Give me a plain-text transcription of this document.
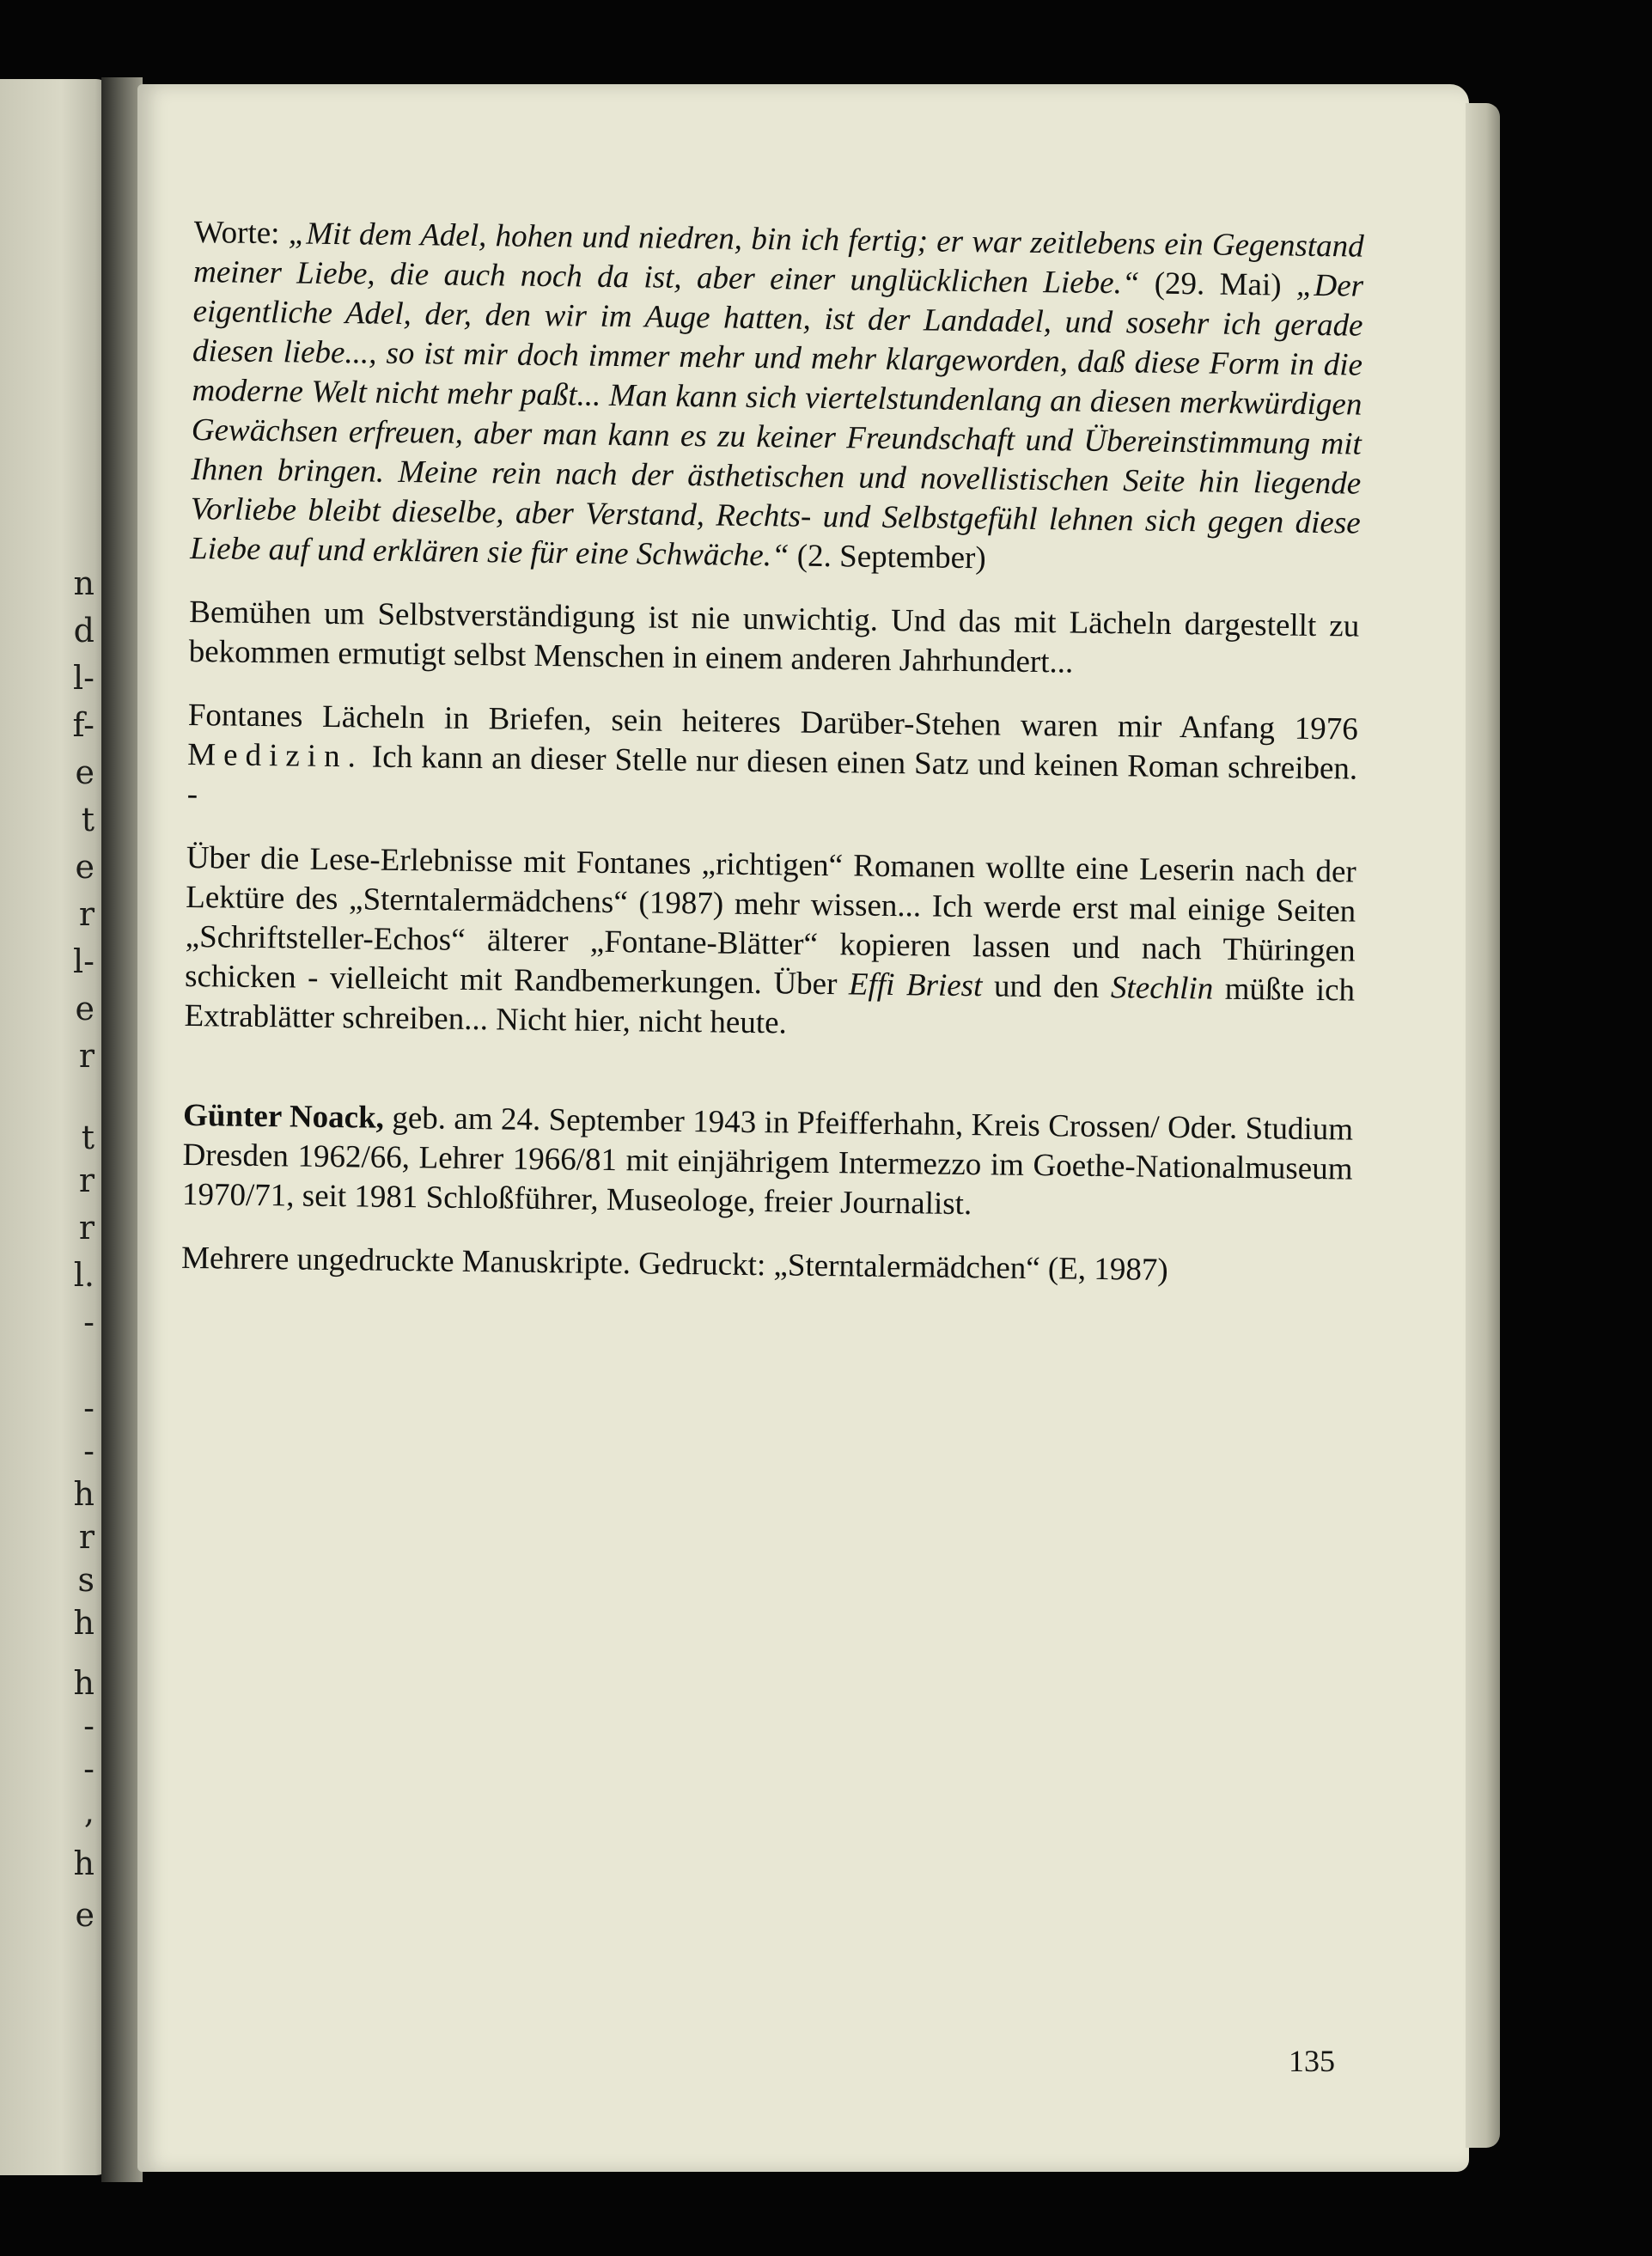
n
d
l-
f-
e
t
e
r
l-
e
r
t
r
r
l.
-
-
-
h
r
s
h
h
-
-
,
h
e

Worte: „Mit dem Adel, hohen und niedren, bin ich fertig; er war zeitlebens ein Gegenstand meiner Liebe, die auch noch da ist, aber einer unglücklichen Liebe.“ (29. Mai) „Der eigentliche Adel, der, den wir im Auge hatten, ist der Landadel, und sosehr ich gerade diesen liebe..., so ist mir doch immer mehr und mehr klargeworden, daß diese Form in die moderne Welt nicht mehr paßt... Man kann sich viertelstundenlang an diesen merkwürdigen Gewächsen erfreuen, aber man kann es zu keiner Freundschaft und Übereinstimmung mit Ihnen bringen. Meine rein nach der ästhetischen und novellistischen Seite hin liegende Vorliebe bleibt dieselbe, aber Verstand, Rechts- und Selbstgefühl lehnen sich gegen diese Liebe auf und erklären sie für eine Schwäche.“ (2. September)

Bemühen um Selbstverständigung ist nie unwichtig. Und das mit Lächeln dargestellt zu bekommen ermutigt selbst Menschen in einem anderen Jahrhundert...

Fontanes Lächeln in Briefen, sein heiteres Darüber-Stehen waren mir Anfang 1976 Medizin. Ich kann an dieser Stelle nur diesen einen Satz und keinen Roman schreiben. -

Über die Lese-Erlebnisse mit Fontanes „richtigen“ Romanen wollte eine Leserin nach der Lektüre des „Sterntalermädchens“ (1987) mehr wissen... Ich werde erst mal einige Seiten „Schriftsteller-Echos“ älterer „Fontane-Blätter“ kopieren lassen und nach Thüringen schicken - vielleicht mit Randbemerkungen. Über Effi Briest und den Stechlin müßte ich Extrablätter schreiben... Nicht hier, nicht heute.

Günter Noack, geb. am 24. September 1943 in Pfeifferhahn, Kreis Crossen/ Oder. Studium Dresden 1962/66, Lehrer 1966/81 mit einjährigem Intermezzo im Goethe-Nationalmuseum 1970/71, seit 1981 Schloßführer, Museologe, freier Journalist.

Mehrere ungedruckte Manuskripte. Gedruckt: „Sterntalermädchen“ (E, 1987)

135
